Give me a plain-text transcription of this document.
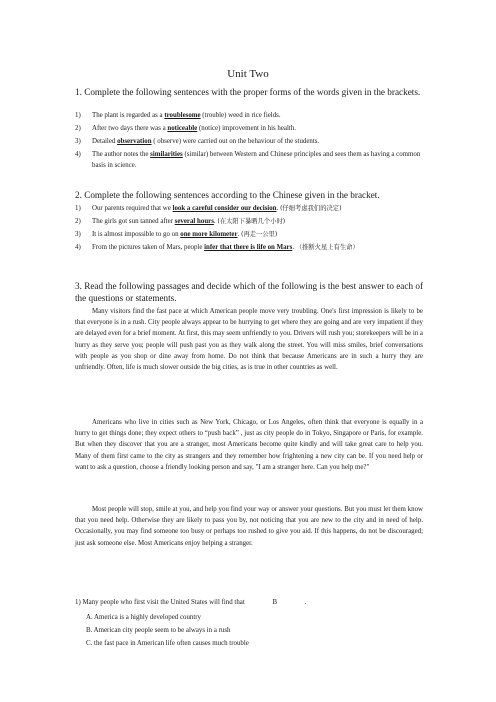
Unit Two
1. Complete the following sentences with the proper forms of the words given in the brackets.
1)	The plant is regarded as a troublesome (trouble) weed in rice fields.
2)	After two days there was a noticeable (notice) improvement in his health.
3)	Detailed observation ( observe) were carried out on the behaviour of the students.
4)	The author notes the similarities (similar) between Western and Chinese principles and sees them as having a common basis in science.
2. Complete the following sentences according to the Chinese given in the bracket.
1)	Our parents required that we look a careful consider our decision. (仔细考虑我们的决定)
2)	The girls got sun tanned after several hours. (在太阳下暴晒几个小时)
3)	It is almost impossible to go on one more kilometer. (再走一公里)
4)	From the pictures taken of Mars, people infer that there is life on Mars. （推断火星上有生命）
3. Read the following passages and decide which of the following is the best answer to each of the questions or statements.
Many visitors find the fast pace at which American people move very troubling. One's first impression is likely to be that everyone is in a rush. City people always appear to be hurrying to get where they are going and are very impatient if they are delayed even for a brief moment. At first, this may seem unfriendly to you. Drivers will rush you; storekeepers will be in a hurry as they serve you; people will push past you as they walk along the street. You will miss smiles, brief conversations with people as you shop or dine away from home. Do not think that because Americans are in such a hurry they are unfriendly. Often, life is much slower outside the big cities, as is true in other countries as well.
Americans who live in cities such as New York, Chicago, or Los Angeles, often think that everyone is equally in a hurry to get things done; they expect others to “push back” , just as city people do in Tokyo, Singapore or Paris, for example. But when they discover that you are a stranger, most Americans become quite kindly and will take great care to help you. Many of them first came to the city as strangers and they remember how frightening a new city can be. If you need help or want to ask a question, choose a friendly looking person and say, "I am a stranger here. Can you help me?"
Most people will stop, smile at you, and help you find your way or answer your questions. But you must let them know that you need help. Otherwise they are likely to pass you by, not noticing that you are new to the city and in need of help. Occasionally, you may find someone too busy or perhaps too rushed to give you aid. If this happens, do not be discouraged; just ask someone else. Most Americans enjoy helping a stranger.
1) Many people who first visit the United States will find that	B	.
A. America is a highly developed country
B. American city people seem to be always in a rush
C. the fast pace in American life often causes much trouble
